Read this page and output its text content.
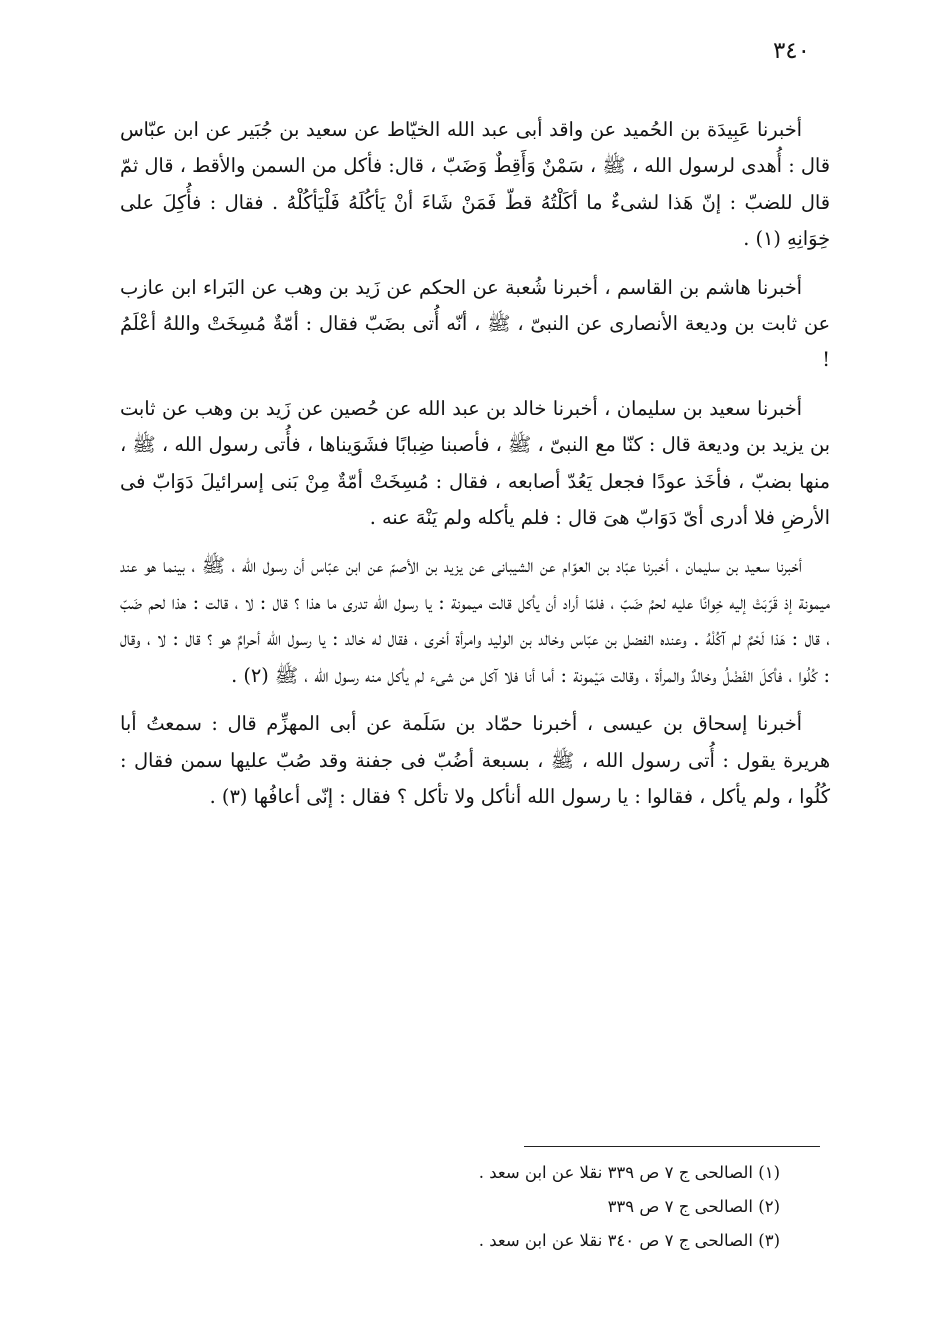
٣٤٠

أخبرنا عَبِيدَة بن الحُميد عن واقد أبى عبد الله الخيّاط عن سعيد بن جُبَير عن ابن عبّاس قال : أُهدى لرسول الله ، ﷺ ، سَمْنٌ وَأَقِطٌ وَضَبّ ، قال: فأكل من السمن والأقط ، قال ثمّ قال للضبّ : إنّ هَذا لشىءٌ ما أكَلْتُهُ قطّ فَمَنْ شَاءَ أنْ يَأكُلَهُ فَلْيَأكُلْهُ . فقال : فأُكِلَ على خِوَانِهِ (١) .

أخبرنا هاشم بن القاسم ، أخبرنا شُعبة عن الحكم عن زَيد بن وهب عن البَراء ابن عازب عن ثابت بن وديعة الأنصارى عن النبىّ ، ﷺ ، أنّه أُتى بضَبّ فقال : أمّةٌ مُسِخَتْ واللهُ أعْلَمُ !

أخبرنا سعيد بن سليمان ، أخبرنا خالد بن عبد الله عن حُصين عن زَيد بن وهب عن ثابت بن يزيد بن وديعة قال : كنّا مع النبىّ ، ﷺ ، فأصبنا ضِبابًا فشَوَيناها ، فأُتى رسول الله ، ﷺ ، منها بضبّ ، فأخَذ عودًا فجعل يَعُدّ أصابعه ، فقال : مُسِخَتْ أمّةٌ مِنْ بَنى إسرائيلَ دَوَابّ فى الأرضِ فلا أدرى أىّ دَوَابّ هىَ قال : فلم يأكله ولم يَنْهَ عنه .

أخبرنا سعيد بن سليمان ، أخبرنا عبّاد بن العوّام عن الشيبانى عن يزيد بن الأصمّ عن ابن عبّاس أن رسول الله ، ﷺ ، بينما هو عند ميمونة إذ قَرّبَتْ إليه خِوانًا عليه لحمُ ضَبّ ، فلمّا أراد أن يأكل قالت ميمونة : يا رسول الله تدرى ما هذا ؟ قال : لا ، قالت : هذا لحم ضَبّ ، قال : هَذا لَحْمٌ لم آكُلْهُ . وعنده الفضل بن عبّاس وخالد بن الوليد وامرأة أخرى ، فقال له خالد : يا رسول الله أحرامٌ هو ؟ قال : لا ، وقال : كُلُوا ، فأكلَ الفَضْلُ وخالدٌ والمرأة ، وقالت مَيْمونة : أما أنا فلا آكل من شىء لم يأكل منه رسول الله ، ﷺ (٢) .

أخبرنا إسحاق بن عيسى ، أخبرنا حمّاد بن سَلَمة عن أبى المهزِّم قال : سمعتُ أبا هريرة يقول : أُتى رسول الله ، ﷺ ، بسبعة أضُبّ فى جفنة وقد صُبّ عليها سمن فقال : كُلُوا ، ولم يأكل ، فقالوا : يا رسول الله أنأكل ولا تأكل ؟ فقال : إنّى أعافُها (٣) .

(١) الصالحى ج ٧ ص ٣٣٩ نقلا عن ابن سعد .
(٢) الصالحى ج ٧ ص ٣٣٩
(٣) الصالحى ج ٧ ص ٣٤٠ نقلا عن ابن سعد .
